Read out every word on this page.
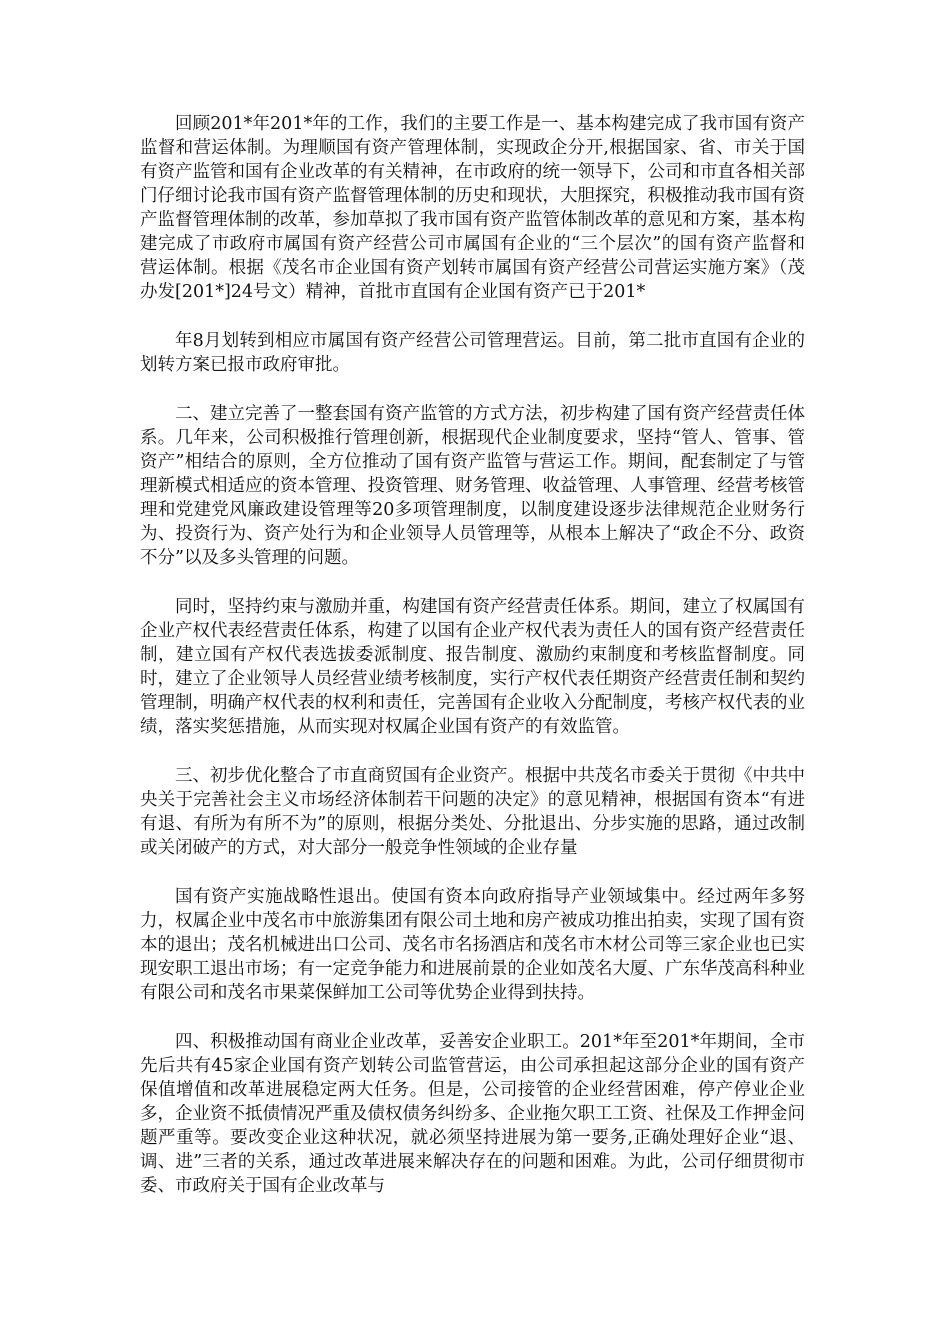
回顾201*年201*年的工作，我们的主要工作是一、基本构建完成了我市国有资产监督和营运体制。为理顺国有资产管理体制，实现政企分开,根据国家、省、市关于国有资产监管和国有企业改革的有关精神，在市政府的统一领导下，公司和市直各相关部门仔细讨论我市国有资产监督管理体制的历史和现状，大胆探究，积极推动我市国有资产监督管理体制的改革，参加草拟了我市国有资产监管体制改革的意见和方案，基本构建完成了市政府市属国有资产经营公司市属国有企业的“三个层次”的国有资产监督和营运体制。根据《茂名市企业国有资产划转市属国有资产经营公司营运实施方案》（茂办发[201*]24号文）精神，首批市直国有企业国有资产已于201*

年8月划转到相应市属国有资产经营公司管理营运。目前，第二批市直国有企业的划转方案已报市政府审批。

二、建立完善了一整套国有资产监管的方式方法，初步构建了国有资产经营责任体系。几年来，公司积极推行管理创新，根据现代企业制度要求，坚持“管人、管事、管资产”相结合的原则，全方位推动了国有资产监管与营运工作。期间，配套制定了与管理新模式相适应的资本管理、投资管理、财务管理、收益管理、人事管理、经营考核管理和党建党风廉政建设管理等20多项管理制度，以制度建设逐步法律规范企业财务行为、投资行为、资产处行为和企业领导人员管理等，从根本上解决了“政企不分、政资不分”以及多头管理的问题。

同时，坚持约束与激励并重，构建国有资产经营责任体系。期间，建立了权属国有企业产权代表经营责任体系，构建了以国有企业产权代表为责任人的国有资产经营责任制，建立国有产权代表选拔委派制度、报告制度、激励约束制度和考核监督制度。同时，建立了企业领导人员经营业绩考核制度，实行产权代表任期资产经营责任制和契约管理制，明确产权代表的权利和责任，完善国有企业收入分配制度，考核产权代表的业绩，落实奖惩措施，从而实现对权属企业国有资产的有效监管。

三、初步优化整合了市直商贸国有企业资产。根据中共茂名市委关于贯彻《中共中央关于完善社会主义市场经济体制若干问题的决定》的意见精神，根据国有资本“有进有退、有所为有所不为”的原则，根据分类处、分批退出、分步实施的思路，通过改制或关闭破产的方式，对大部分一般竞争性领域的企业存量

国有资产实施战略性退出。使国有资本向政府指导产业领域集中。经过两年多努力，权属企业中茂名市中旅游集团有限公司土地和房产被成功推出拍卖，实现了国有资本的退出；茂名机械进出口公司、茂名市名扬酒店和茂名市木材公司等三家企业也已实现安职工退出市场；有一定竞争能力和进展前景的企业如茂名大厦、广东华茂高科种业有限公司和茂名市果菜保鲜加工公司等优势企业得到扶持。

四、积极推动国有商业企业改革，妥善安企业职工。201*年至201*年期间，全市先后共有45家企业国有资产划转公司监管营运，由公司承担起这部分企业的国有资产保值增值和改革进展稳定两大任务。但是，公司接管的企业经营困难，停产停业企业多，企业资不抵债情况严重及债权债务纠纷多、企业拖欠职工工资、社保及工作押金问题严重等。要改变企业这种状况，就必须坚持进展为第一要务,正确处理好企业“退、调、进”三者的关系，通过改革进展来解决存在的问题和困难。为此，公司仔细贯彻市委、市政府关于国有企业改革与
